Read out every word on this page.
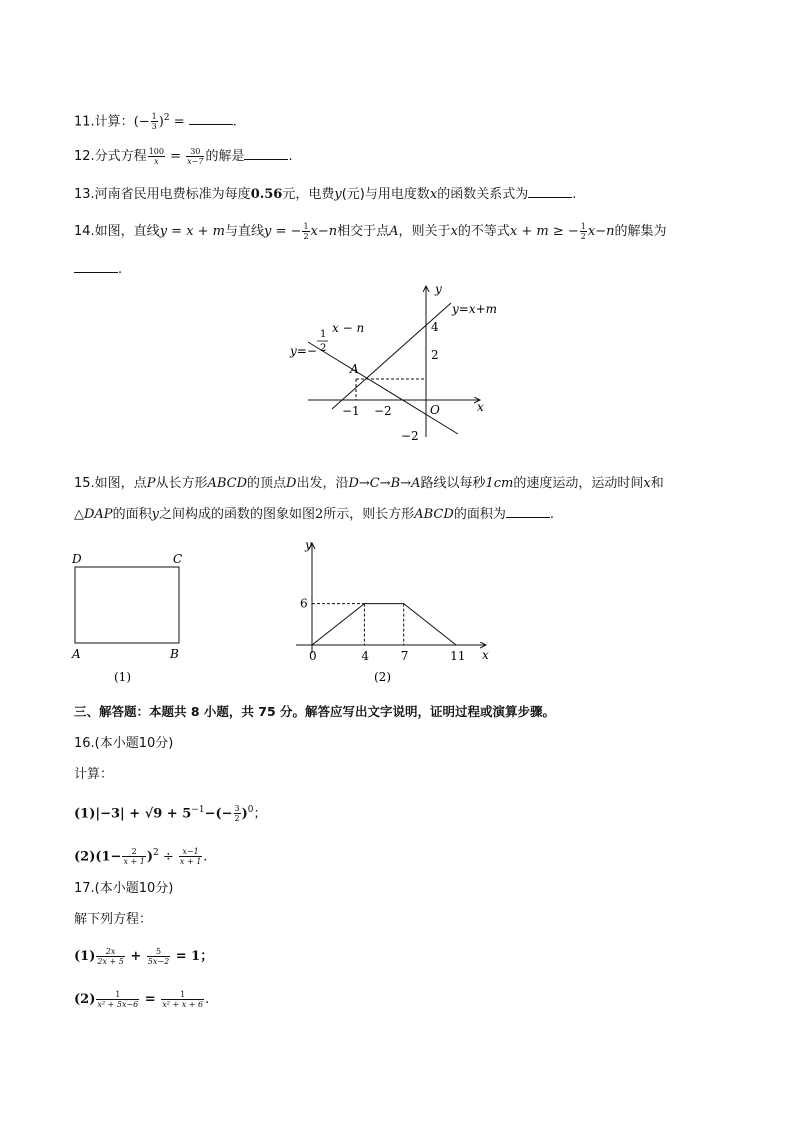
11.计算：(− $\frac{1}{3} )^2$ =	.
12.分式方程 $\frac{100}{x} = \frac{30}{x-7}$ 的解是	.
13.河南省民用电费标准为每度0.56元，电费y(元)与用电度数x的函数关系式为	.
14.如图，直线y = x + m与直线y = − $\frac{1}{2} x-n$相交于点A，则关于x的不等式x + m ≥ − $\frac{1}{2} x-n$的解集为
.
y
x
y=x+m
y=−
1
2
x − n
A
4
2
−1 −2	O
−2
15.如图，点P从长方形ABCD的顶点D出发，沿D→C→B→A路线以每秒1cm的速度运动，运动时间x和
△DAP的面积y之间构成的函数的图象如图2所示，则长方形ABCD的面积为	.
D	C
A	B
(1)
y
x
6
0	4	7	11
(2)
三、解答题：本题共 8 小题，共 75 分。解答应写出文字说明，证明过程或演算步骤。
16.(本小题10分)
计算：
$(1)|-3| + √9 + 5^{-1}-(- \frac{3}{2} )^0$；
$(2)(1- \frac{2}{x + 1} )^2 \div \frac{x-1}{x + 1}$ .
17.(本小题10分)
解下列方程：
$(1) \frac{2x}{2x + 5} + \frac{5}{5x-2} = 1$；
$(2) \frac{1}{\text{x² + 5x−6}} = \frac{1}{\text{x² + x + 6}}$ .
